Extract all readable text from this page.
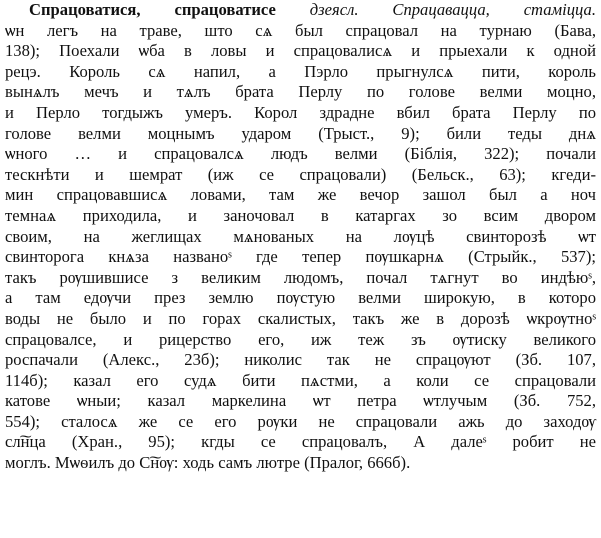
Спрацоватися, спрацоватисе дзеясл. Спрацавацца, стаміцца.
ѡн легъ на траве, што сѧ был спрацовал на турнаю (Бава,
138); Поехали ѡба в ловы и спрацовалисѧ и прыехали к одной
рецэ. Король сѧ напил, а Пэрло прыгнулсѧ пити, король
вынѧлъ мечъ и тѧлъ брата Перлу по голове велми моцно,
и Перло тогдыжъ умеръ. Корол здрадне вбил брата Перлу по
голове велми моцнымъ ударом (Трыст., 9); били теды днѧ
ѡного … и спрацовалсѧ людъ велми (Біблія, 322); почали
тескнѣти и шемрат (иж се спрацовали) (Бельск., 63); кгеди-
мин спрацовавшисѧ ловами, там же вечор зашол был а ноч
темнаѧ приходила, и заночовал в катаргах зо всим двором
своим, на жеглищах мѧнованых на лѹцѣ свинторозѣ ѡт
свинторога кнѧза названоˢ где тепер пѹшкарнѧ (Стрыйк., 537);
такъ рѹшившисе з великим людомъ, почал тѧгнут во индѣюˢ,
а там едѹчи през землю пѹстую велми широкую, в которо
воды не было и по горах скалистых, такъ же в дорозѣ ѡкрѹтноˢ
спрацовалсе, и рицерство его, иж теж зъ ѹтиску великого
роспачали (Алекс., 23б); николис так не спрацѹют (Зб. 107,
114б); казал его судѧ бити пѧстми, а коли се спрацовали
катове ѡныи; казал маркелина ѡт петра ѡтлучым (Зб. 752,
554); сталосѧ же се его рѹки не спрацовали ажь до заходѹ
сл͠нца (Хран., 95); кгды се спрацовалъ, А далеˢ робит не
моглъ. Мѡѳилъ до С͠нѹ: ходь самъ лютре (Пралог, 666б).
